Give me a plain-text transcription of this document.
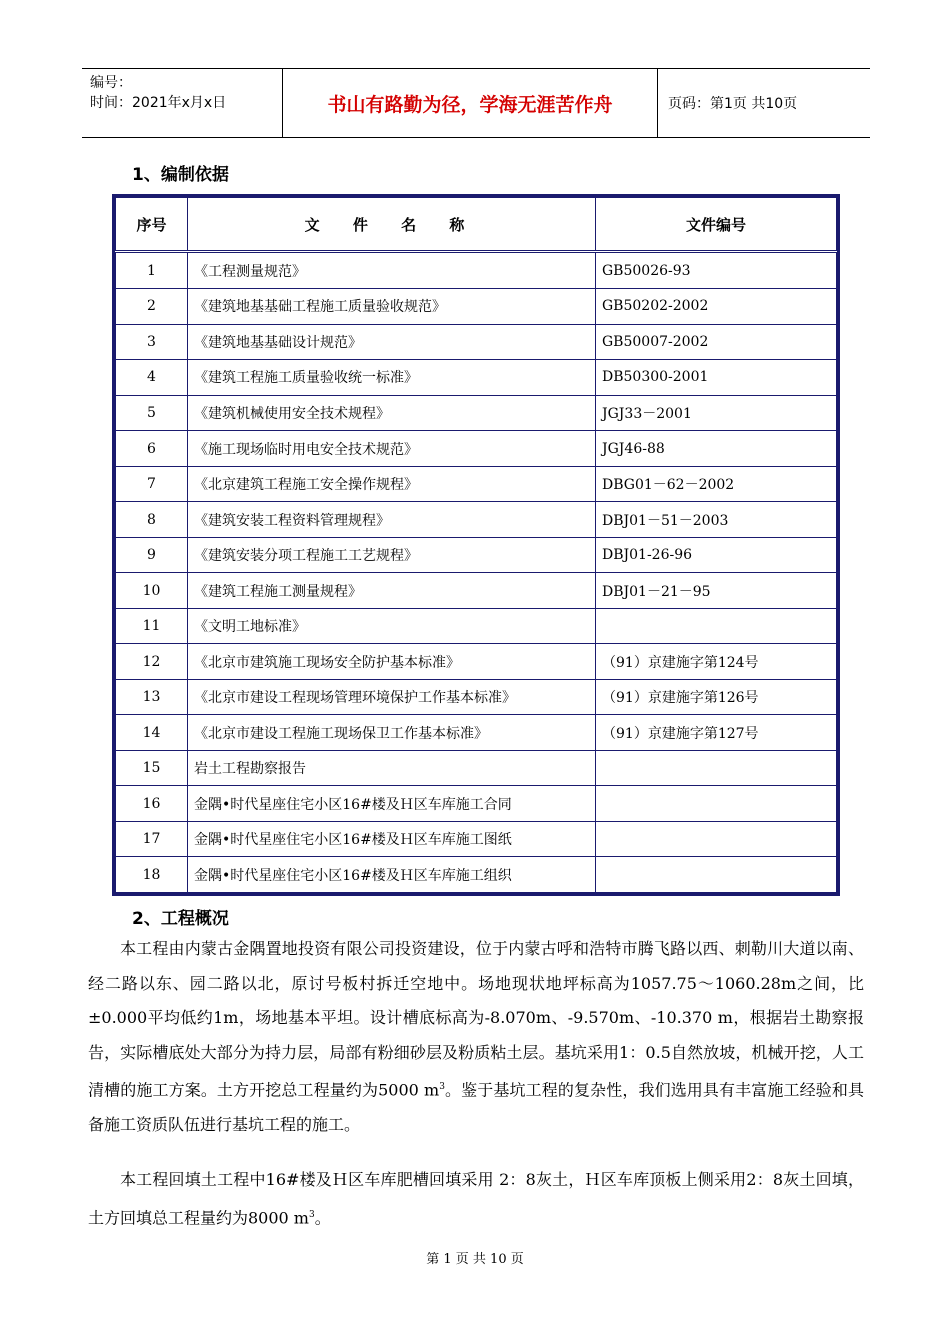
编号：
时间：2021年x月x日	书山有路勤为径，学海无涯苦作舟	页码：第1页 共10页
1、编制依据
序号	文 件 名 称	文件编号
1	《工程测量规范》	GB50026-93
2	《建筑地基基础工程施工质量验收规范》	GB50202-2002
3	《建筑地基基础设计规范》	GB50007-2002
4	《建筑工程施工质量验收统一标准》	DB50300-2001
5	《建筑机械使用安全技术规程》	JGJ33－2001
6	《施工现场临时用电安全技术规范》	JGJ46-88
7	《北京建筑工程施工安全操作规程》	DBG01－62－2002
8	《建筑安装工程资料管理规程》	DBJ01－51－2003
9	《建筑安装分项工程施工工艺规程》	DBJ01-26-96
10	《建筑工程施工测量规程》	DBJ01－21－95
11	《文明工地标准》	
12	《北京市建筑施工现场安全防护基本标准》	（91）京建施字第124号
13	《北京市建设工程现场管理环境保护工作基本标准》	（91）京建施字第126号
14	《北京市建设工程施工现场保卫工作基本标准》	（91）京建施字第127号
15	岩土工程勘察报告	
16	金隅•时代星座住宅小区16#楼及Ｈ区车库施工合同	
17	金隅•时代星座住宅小区16#楼及Ｈ区车库施工图纸	
18	金隅•时代星座住宅小区16#楼及Ｈ区车库施工组织	
2、工程概况

本工程由内蒙古金隅置地投资有限公司投资建设，位于内蒙古呼和浩特市腾飞路以西、刺勒川大道以南、经二路以东、园二路以北，原讨号板村拆迁空地中。场地现状地坪标高为1057.75～1060.28m之间，比±0.000平均低约1m，场地基本平坦。设计槽底标高为-8.070m、-9.570m、-10.370 m，根据岩土勘察报告，实际槽底处大部分为持力层，局部有粉细砂层及粉质粘土层。基坑采用1：0.5自然放坡，机械开挖，人工清槽的施工方案。土方开挖总工程量约为5000 $m^3$。鉴于基坑工程的复杂性，我们选用具有丰富施工经验和具备施工资质队伍进行基坑工程的施工。

本工程回填土工程中16#楼及Ｈ区车库肥槽回填采用 2：8灰土，Ｈ区车库顶板上侧采用2：8灰土回填，土方回填总工程量约为8000 $m^3$。

第 1 页 共 10 页
